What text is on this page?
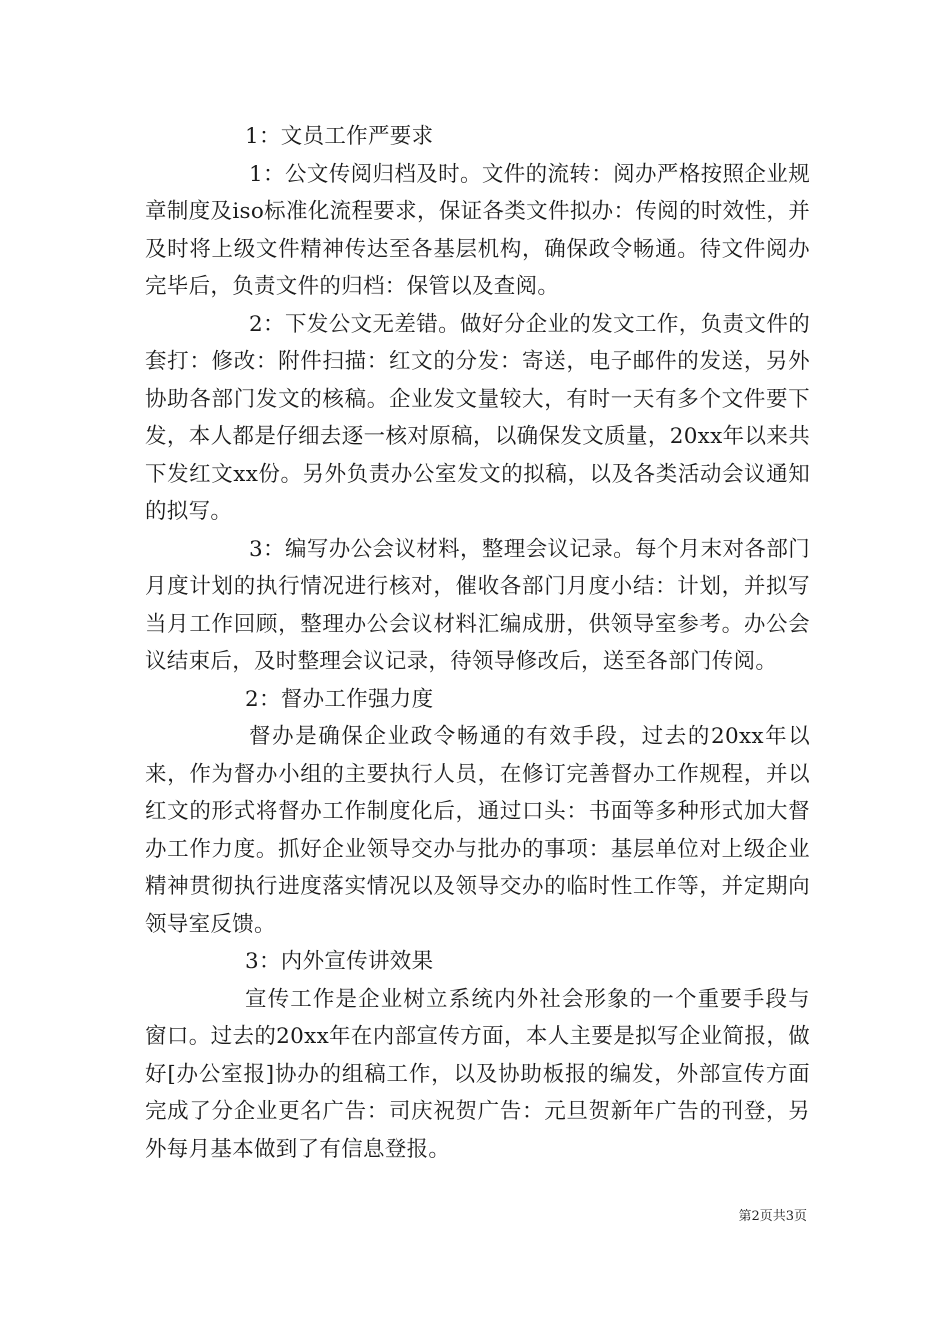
1：文员工作严要求

1：公文传阅归档及时。文件的流转：阅办严格按照企业规章制度及iso标准化流程要求，保证各类文件拟办：传阅的时效性，并及时将上级文件精神传达至各基层机构，确保政令畅通。待文件阅办完毕后，负责文件的归档：保管以及查阅。

2：下发公文无差错。做好分企业的发文工作，负责文件的套打：修改：附件扫描：红文的分发：寄送，电子邮件的发送，另外协助各部门发文的核稿。企业发文量较大，有时一天有多个文件要下发，本人都是仔细去逐一核对原稿，以确保发文质量，20xx年以来共下发红文xx份。另外负责办公室发文的拟稿，以及各类活动会议通知的拟写。

3：编写办公会议材料，整理会议记录。每个月末对各部门月度计划的执行情况进行核对，催收各部门月度小结：计划，并拟写当月工作回顾，整理办公会议材料汇编成册，供领导室参考。办公会议结束后，及时整理会议记录，待领导修改后，送至各部门传阅。

2：督办工作强力度

督办是确保企业政令畅通的有效手段，过去的20xx年以来，作为督办小组的主要执行人员，在修订完善督办工作规程，并以红文的形式将督办工作制度化后，通过口头：书面等多种形式加大督办工作力度。抓好企业领导交办与批办的事项：基层单位对上级企业精神贯彻执行进度落实情况以及领导交办的临时性工作等，并定期向领导室反馈。

3：内外宣传讲效果

宣传工作是企业树立系统内外社会形象的一个重要手段与窗口。过去的20xx年在内部宣传方面，本人主要是拟写企业简报，做好[办公室报]协办的组稿工作，以及协助板报的编发，外部宣传方面完成了分企业更名广告：司庆祝贺广告：元旦贺新年广告的刊登，另外每月基本做到了有信息登报。

第2页共3页
